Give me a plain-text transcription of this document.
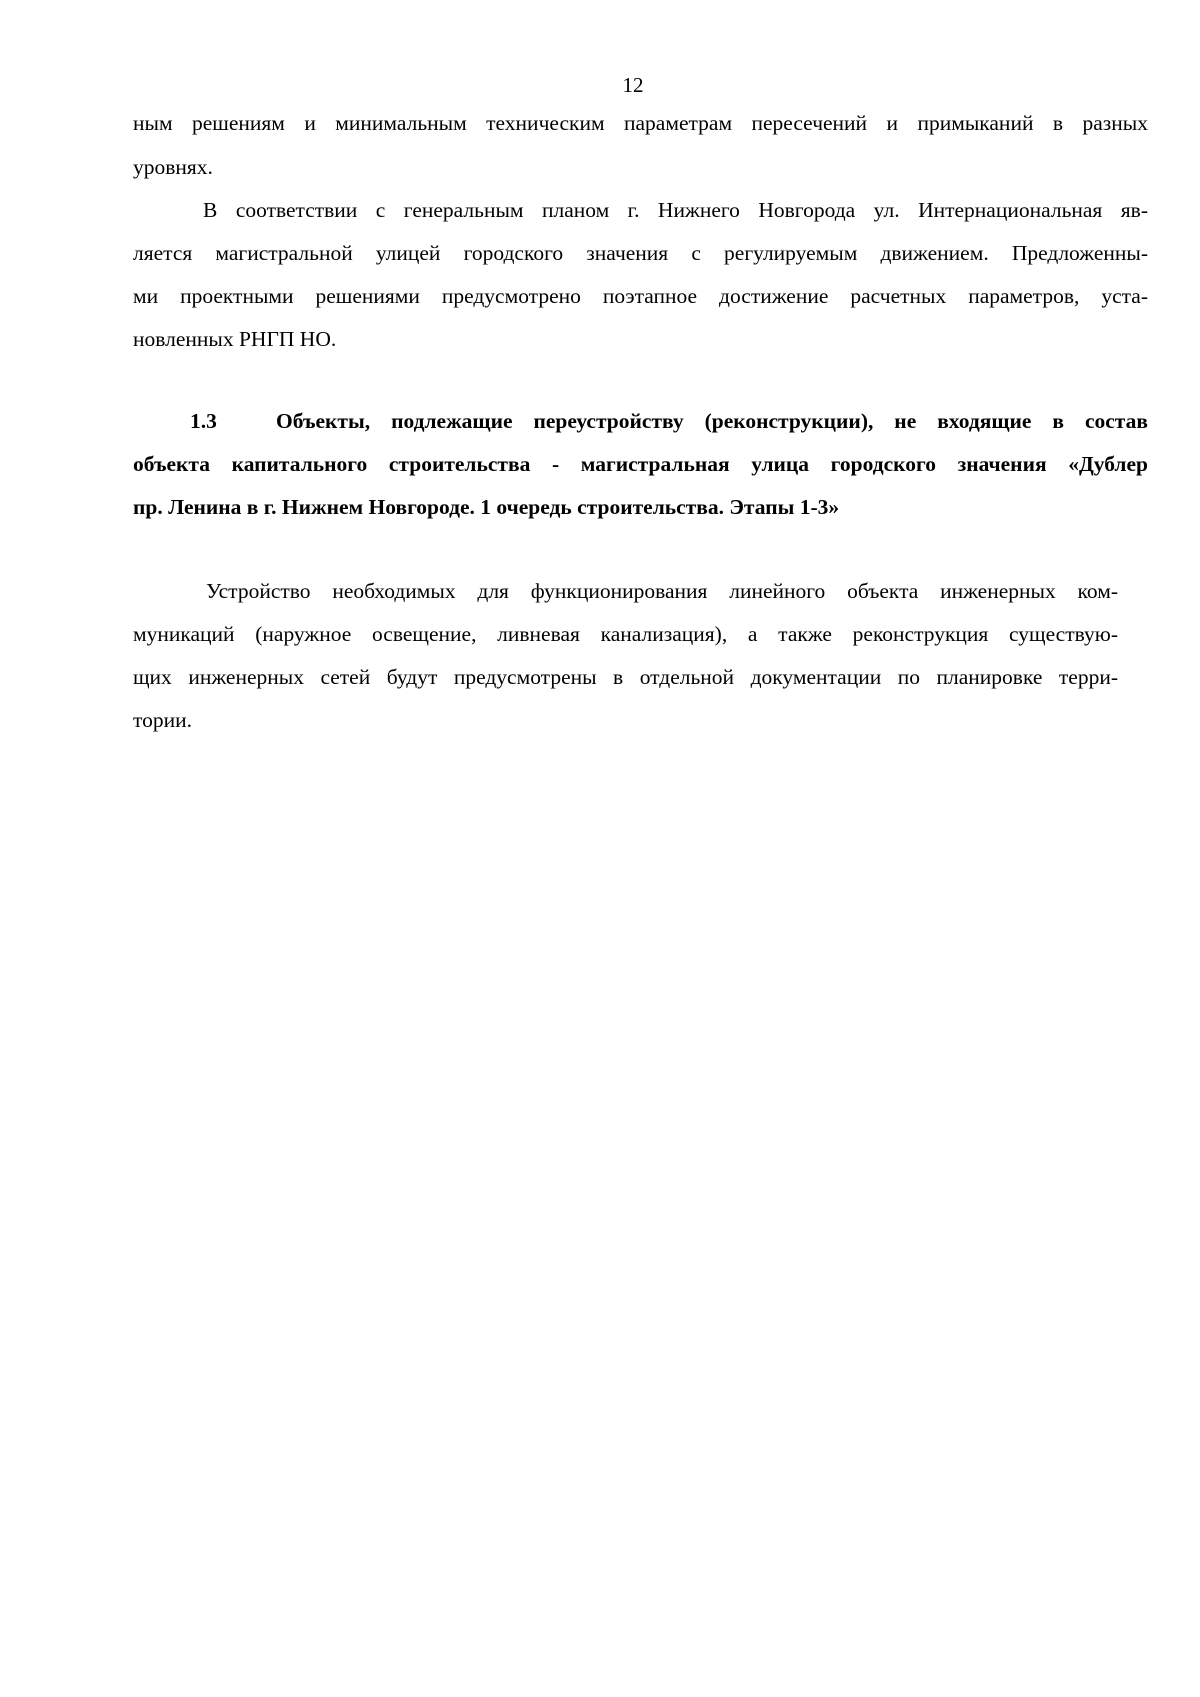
12
ным решениям и минимальным техническим параметрам пересечений и примыканий в разных
уровнях.
В соответствии с генеральным планом г. Нижнего Новгорода ул. Интернациональная яв-
ляется магистральной улицей городского значения с регулируемым движением. Предложенны-
ми проектными решениями предусмотрено поэтапное достижение расчетных параметров, уста-
новленных РНГП НО.
1.3	Объекты, подлежащие переустройству (реконструкции), не входящие в состав
объекта капитального строительства - магистральная улица городского значения «Дублер
пр. Ленина в г. Нижнем Новгороде. 1 очередь строительства. Этапы 1-3»
Устройство необходимых для функционирования линейного объекта инженерных ком-
муникаций (наружное освещение, ливневая канализация), а также реконструкция существую-
щих инженерных сетей будут предусмотрены в отдельной документации по планировке терри-
тории.
